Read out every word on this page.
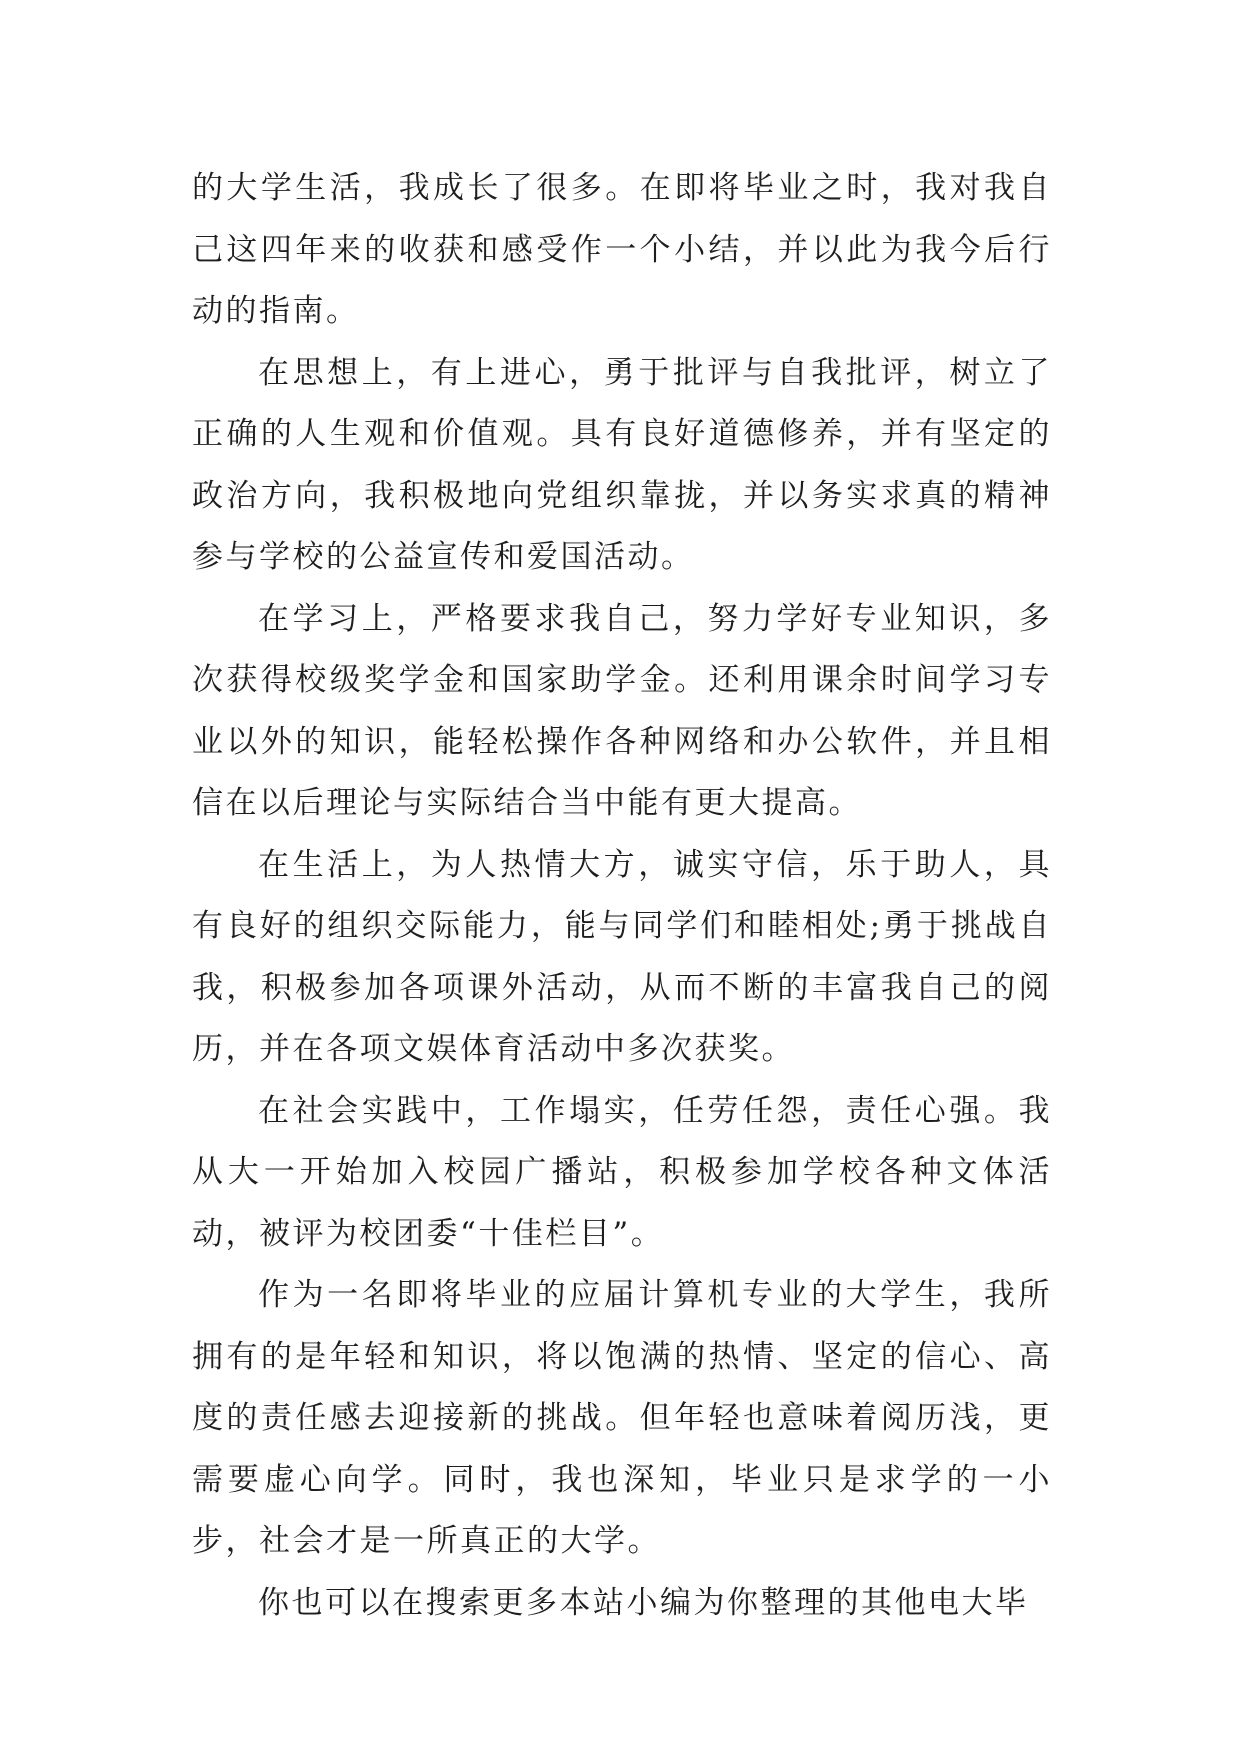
的大学生活，我成长了很多。在即将毕业之时，我对我自己这四年来的收获和感受作一个小结，并以此为我今后行动的指南。

在思想上，有上进心，勇于批评与自我批评，树立了正确的人生观和价值观。具有良好道德修养，并有坚定的政治方向，我积极地向党组织靠拢，并以务实求真的精神参与学校的公益宣传和爱国活动。

在学习上，严格要求我自己，努力学好专业知识，多次获得校级奖学金和国家助学金。还利用课余时间学习专业以外的知识，能轻松操作各种网络和办公软件，并且相信在以后理论与实际结合当中能有更大提高。

在生活上，为人热情大方，诚实守信，乐于助人，具有良好的组织交际能力，能与同学们和睦相处;勇于挑战自我，积极参加各项课外活动，从而不断的丰富我自己的阅历，并在各项文娱体育活动中多次获奖。

在社会实践中，工作塌实，任劳任怨，责任心强。我从大一开始加入校园广播站，积极参加学校各种文体活动，被评为校团委“十佳栏目”。

作为一名即将毕业的应届计算机专业的大学生，我所拥有的是年轻和知识，将以饱满的热情、坚定的信心、高度的责任感去迎接新的挑战。但年轻也意味着阅历浅，更需要虚心向学。同时，我也深知，毕业只是求学的一小步，社会才是一所真正的大学。

你也可以在搜索更多本站小编为你整理的其他电大毕
